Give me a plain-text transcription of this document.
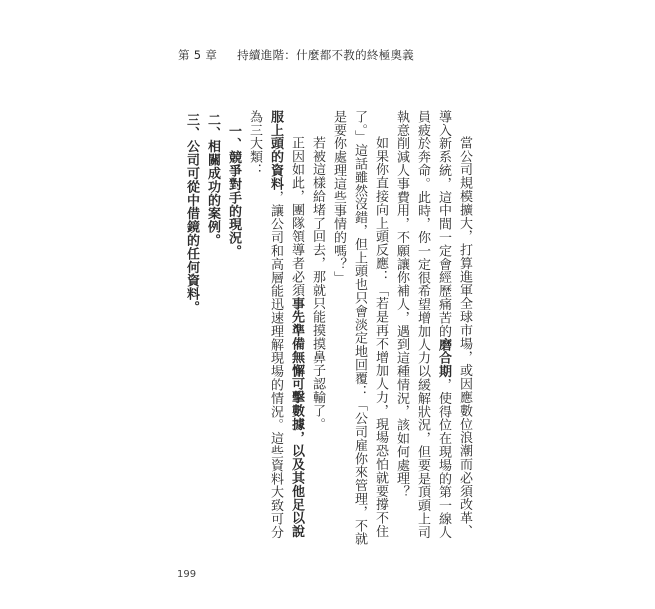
第 5 章 持續進階：什麼都不教的終極奧義
當公司規模擴大，打算進軍全球市場，或因應數位浪潮而必須改革、導入新系統，這中間一定會經歷痛苦的磨合期，使得位在現場的第一線人員疲於奔命。此時，你一定很希望增加人力以緩解狀況，但要是頂頭上司執意削減人事費用，不願讓你補人，遇到這種情況，該如何處理？
如果你直接向上頭反應：「若是再不增加人力，現場恐怕就要撐不住了。」這話雖然沒錯，但上頭也只會淡定地回覆：「公司雇你來管理，不就是要你處理這些事情的嗎？」
若被這樣給堵了回去，那就只能摸摸鼻子認輸了。
正因如此，團隊領導者必須事先準備無懈可擊數據，以及其他足以說服上頭的資料，讓公司和高層能迅速理解現場的情況。這些資料大致可分為三大類：
一、競爭對手的現況。
二、相關成功的案例。
三、公司可從中借鏡的任何資料。
199
